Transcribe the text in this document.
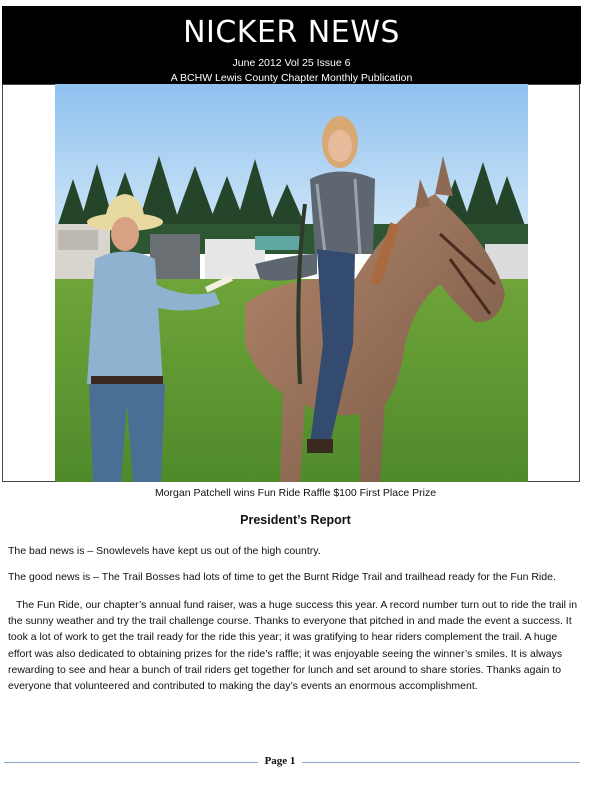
NICKER NEWS
June 2012 Vol 25 Issue 6
A BCHW Lewis County Chapter Monthly Publication
Morgan Patchell wins Fun Ride Raffle $100 First Place Prize
President’s Report

The bad news is – Snowlevels have kept us out of the high country.

The good news is – The Trail Bosses had lots of time to get the Burnt Ridge Trail and trailhead ready for the Fun Ride.

The Fun Ride, our chapter’s annual fund raiser, was a huge success this year. A record number turn out to ride the trail in the sunny weather and try the trail challenge course. Thanks to everyone that pitched in and made the event a success. It took a lot of work to get the trail ready for the ride this year; it was gratifying to hear riders complement the trail. A huge effort was also dedicated to obtaining prizes for the ride’s raffle; it was enjoyable seeing the winner’s smiles. It is always rewarding to see and hear a bunch of trail riders get together for lunch and set around to share stories. Thanks again to everyone that volunteered and contributed to making the day’s events an enormous accomplishment.

Page 1
